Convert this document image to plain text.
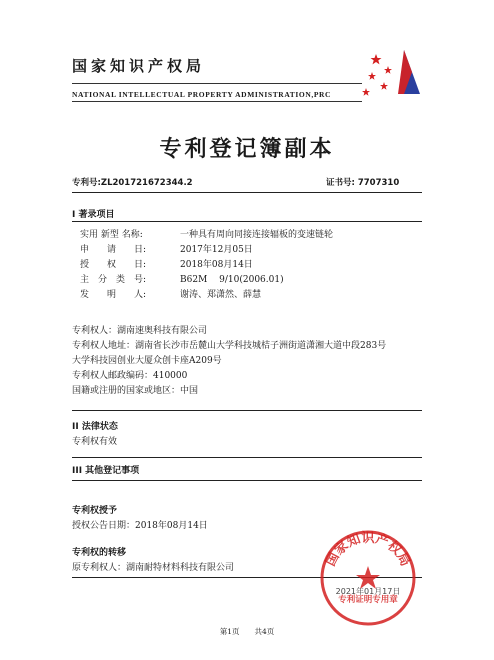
国家知识产权局
NATIONAL INTELLECTUAL PROPERTY ADMINISTRATION,PRC
专利登记簿副本
专利号:ZL201721672344.2	证书号: 7707310
I 著录项目
实用 新型 名称:	一种具有周向同接连接辐板的变速链轮
申　　请　　日:	2017年12月05日
授　　权　　日:	2018年08月14日
主　分　类　号:	B62M　 9/10(2006.01)
发　　明　　人:	谢涛、郑潇然、薛慧
专利权人：湖南速奥科技有限公司
专利权人地址：湖南省长沙市岳麓山大学科技城桔子洲街道潇湘大道中段283号
大学科技园创业大厦众创卡座A209号
专利权人邮政编码：410000
国籍或注册的国家或地区：中国
II 法律状态
专利权有效
III 其他登记事项
专利权授予
授权公告日期：2018年08月14日
专利权的转移
原专利权人：湖南耐特材料科技有限公司	国家知识产权局
专利证明专用章
2021年01月17日
第1页　　共4页
